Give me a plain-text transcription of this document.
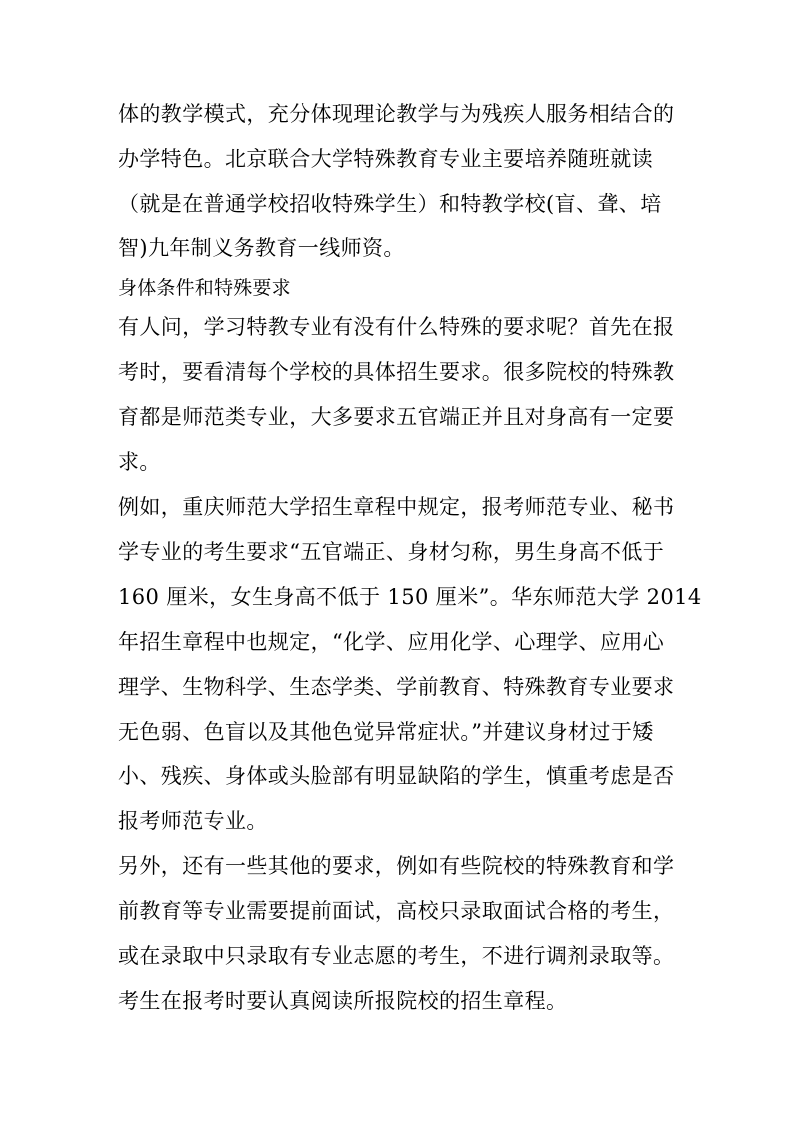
体的教学模式，充分体现理论教学与为残疾人服务相结合的
办学特色。北京联合大学特殊教育专业主要培养随班就读
（就是在普通学校招收特殊学生）和特教学校(盲、聋、培
智)九年制义务教育一线师资。
身体条件和特殊要求
有人问，学习特教专业有没有什么特殊的要求呢？首先在报
考时，要看清每个学校的具体招生要求。很多院校的特殊教
育都是师范类专业，大多要求五官端正并且对身高有一定要
求。
例如，重庆师范大学招生章程中规定，报考师范专业、秘书
学专业的考生要求“五官端正、身材匀称，男生身高不低于
160 厘米，女生身高不低于 150 厘米”。华东师范大学 2014
年招生章程中也规定，“化学、应用化学、心理学、应用心
理学、生物科学、生态学类、学前教育、特殊教育专业要求
无色弱、色盲以及其他色觉异常症状。”并建议身材过于矮
小、残疾、身体或头脸部有明显缺陷的学生，慎重考虑是否
报考师范专业。
另外，还有一些其他的要求，例如有些院校的特殊教育和学
前教育等专业需要提前面试，高校只录取面试合格的考生，
或在录取中只录取有专业志愿的考生，不进行调剂录取等。
考生在报考时要认真阅读所报院校的招生章程。
